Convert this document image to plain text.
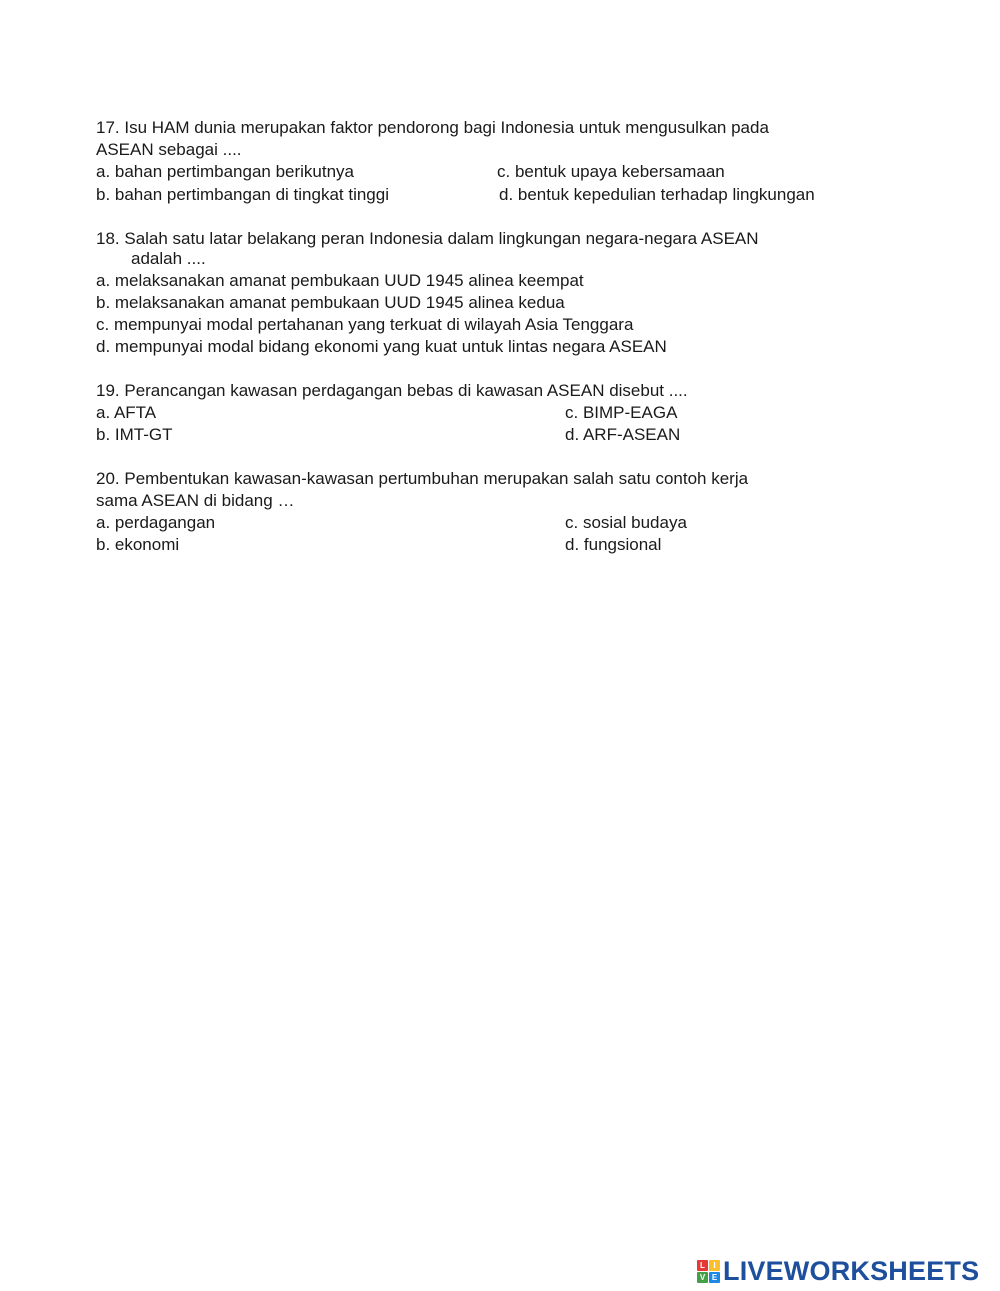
17. Isu HAM dunia merupakan faktor pendorong bagi Indonesia untuk mengusulkan pada
ASEAN sebagai ....
a. bahan pertimbangan berikutnya	c. bentuk upaya kebersamaan
b. bahan pertimbangan di tingkat tinggi	d. bentuk kepedulian terhadap lingkungan
18. Salah satu latar belakang peran Indonesia dalam lingkungan negara-negara ASEAN
adalah ....
a. melaksanakan amanat pembukaan UUD 1945 alinea keempat
b. melaksanakan amanat pembukaan UUD 1945 alinea kedua
c. mempunyai modal pertahanan yang terkuat di wilayah Asia Tenggara
d. mempunyai modal bidang ekonomi yang kuat untuk lintas negara ASEAN
19. Perancangan kawasan perdagangan bebas di kawasan ASEAN disebut ....
a. AFTA	c. BIMP-EAGA
b. IMT-GT	d. ARF-ASEAN
20. Pembentukan kawasan-kawasan pertumbuhan merupakan salah satu contoh kerja
sama ASEAN di bidang …
a. perdagangan	c. sosial budaya
b. ekonomi	d. fungsional
L	I
V E LIVEWORKSHEETS
